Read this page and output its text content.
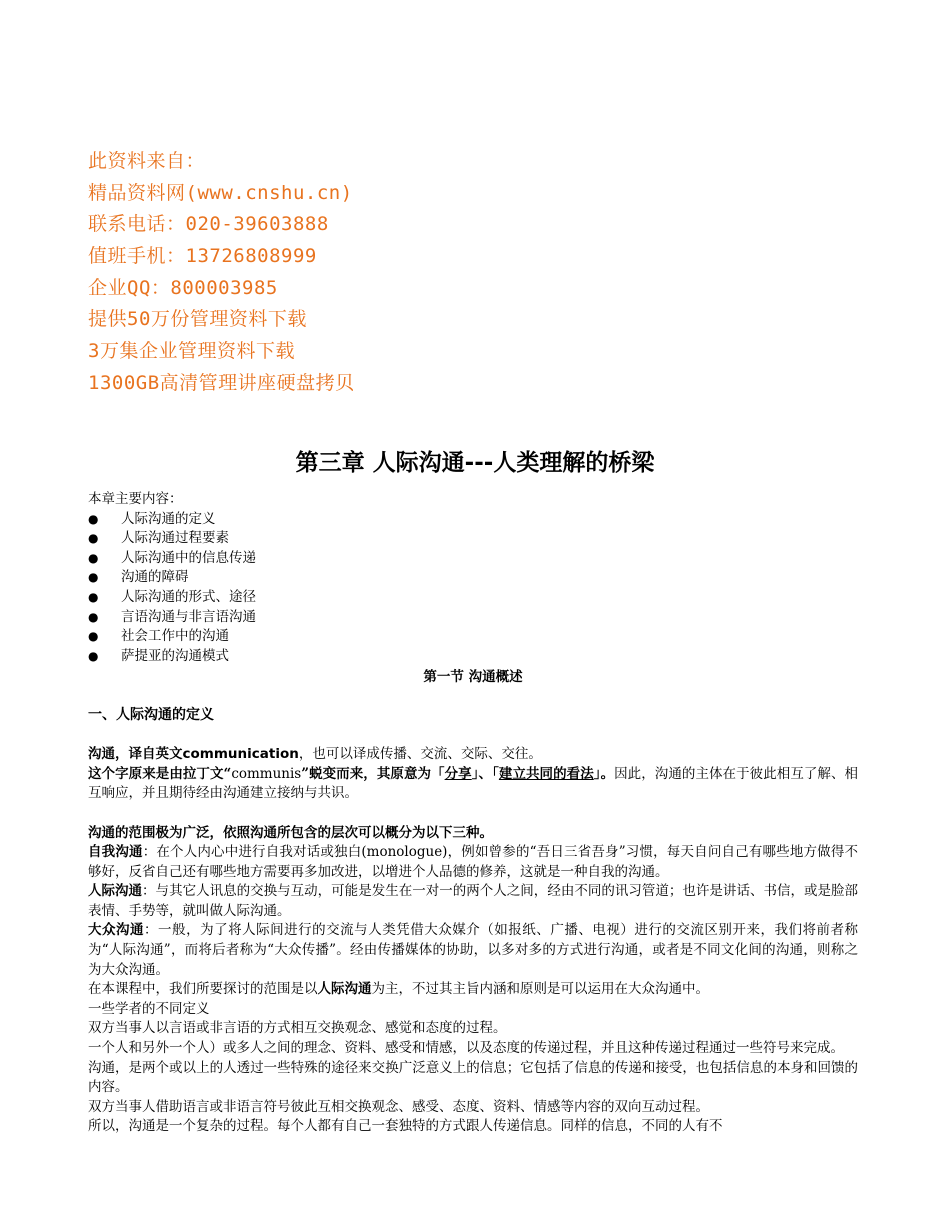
此资料来自：
精品资料网(www.cnshu.cn)
联系电话：020-39603888
值班手机：13726808999
企业QQ：800003985
提供50万份管理资料下载
3万集企业管理资料下载
1300GB高清管理讲座硬盘拷贝
第三章 人际沟通---人类理解的桥梁

本章主要内容：

●	人际沟通的定义
●	人际沟通过程要素
●	人际沟通中的信息传递
●	沟通的障碍
●	人际沟通的形式、途径
●	言语沟通与非言语沟通
●	社会工作中的沟通
●	萨提亚的沟通模式

第一节 沟通概述

一、人际沟通的定义

沟通，译自英文communication，也可以译成传播、交流、交际、交往。

这个字原来是由拉丁文“communis”蜕变而来，其原意为「分享」、「建立共同的看法」。因此，沟通的主体在于彼此相互了解、相互响应，并且期待经由沟通建立接纳与共识。

沟通的范围极为广泛，依照沟通所包含的层次可以概分为以下三种。

自我沟通：在个人内心中进行自我对话或独白(monologue)，例如曾参的“吾日三省吾身”习惯，每天自问自己有哪些地方做得不够好，反省自己还有哪些地方需要再多加改进，以增进个人品德的修养，这就是一种自我的沟通。

人际沟通：与其它人讯息的交换与互动，可能是发生在一对一的两个人之间，经由不同的讯习管道；也许是讲话、书信，或是脸部表情、手势等，就叫做人际沟通。

大众沟通：一般，为了将人际间进行的交流与人类凭借大众媒介（如报纸、广播、电视）进行的交流区别开来，我们将前者称为“人际沟通”，而将后者称为“大众传播”。经由传播媒体的协助，以多对多的方式进行沟通，或者是不同文化间的沟通，则称之为大众沟通。

在本课程中，我们所要探讨的范围是以人际沟通为主，不过其主旨内涵和原则是可以运用在大众沟通中。

一些学者的不同定义

双方当事人以言语或非言语的方式相互交换观念、感觉和态度的过程。

一个人和另外一个人）或多人之间的理念、资料、感受和情感，以及态度的传递过程，并且这种传递过程通过一些符号来完成。

沟通，是两个或以上的人透过一些特殊的途径来交换广泛意义上的信息；它包括了信息的传递和接受，也包括信息的本身和回馈的内容。

双方当事人借助语言或非语言符号彼此互相交换观念、感受、态度、资料、情感等内容的双向互动过程。

所以，沟通是一个复杂的过程。每个人都有自己一套独特的方式跟人传递信息。同样的信息，不同的人有不
